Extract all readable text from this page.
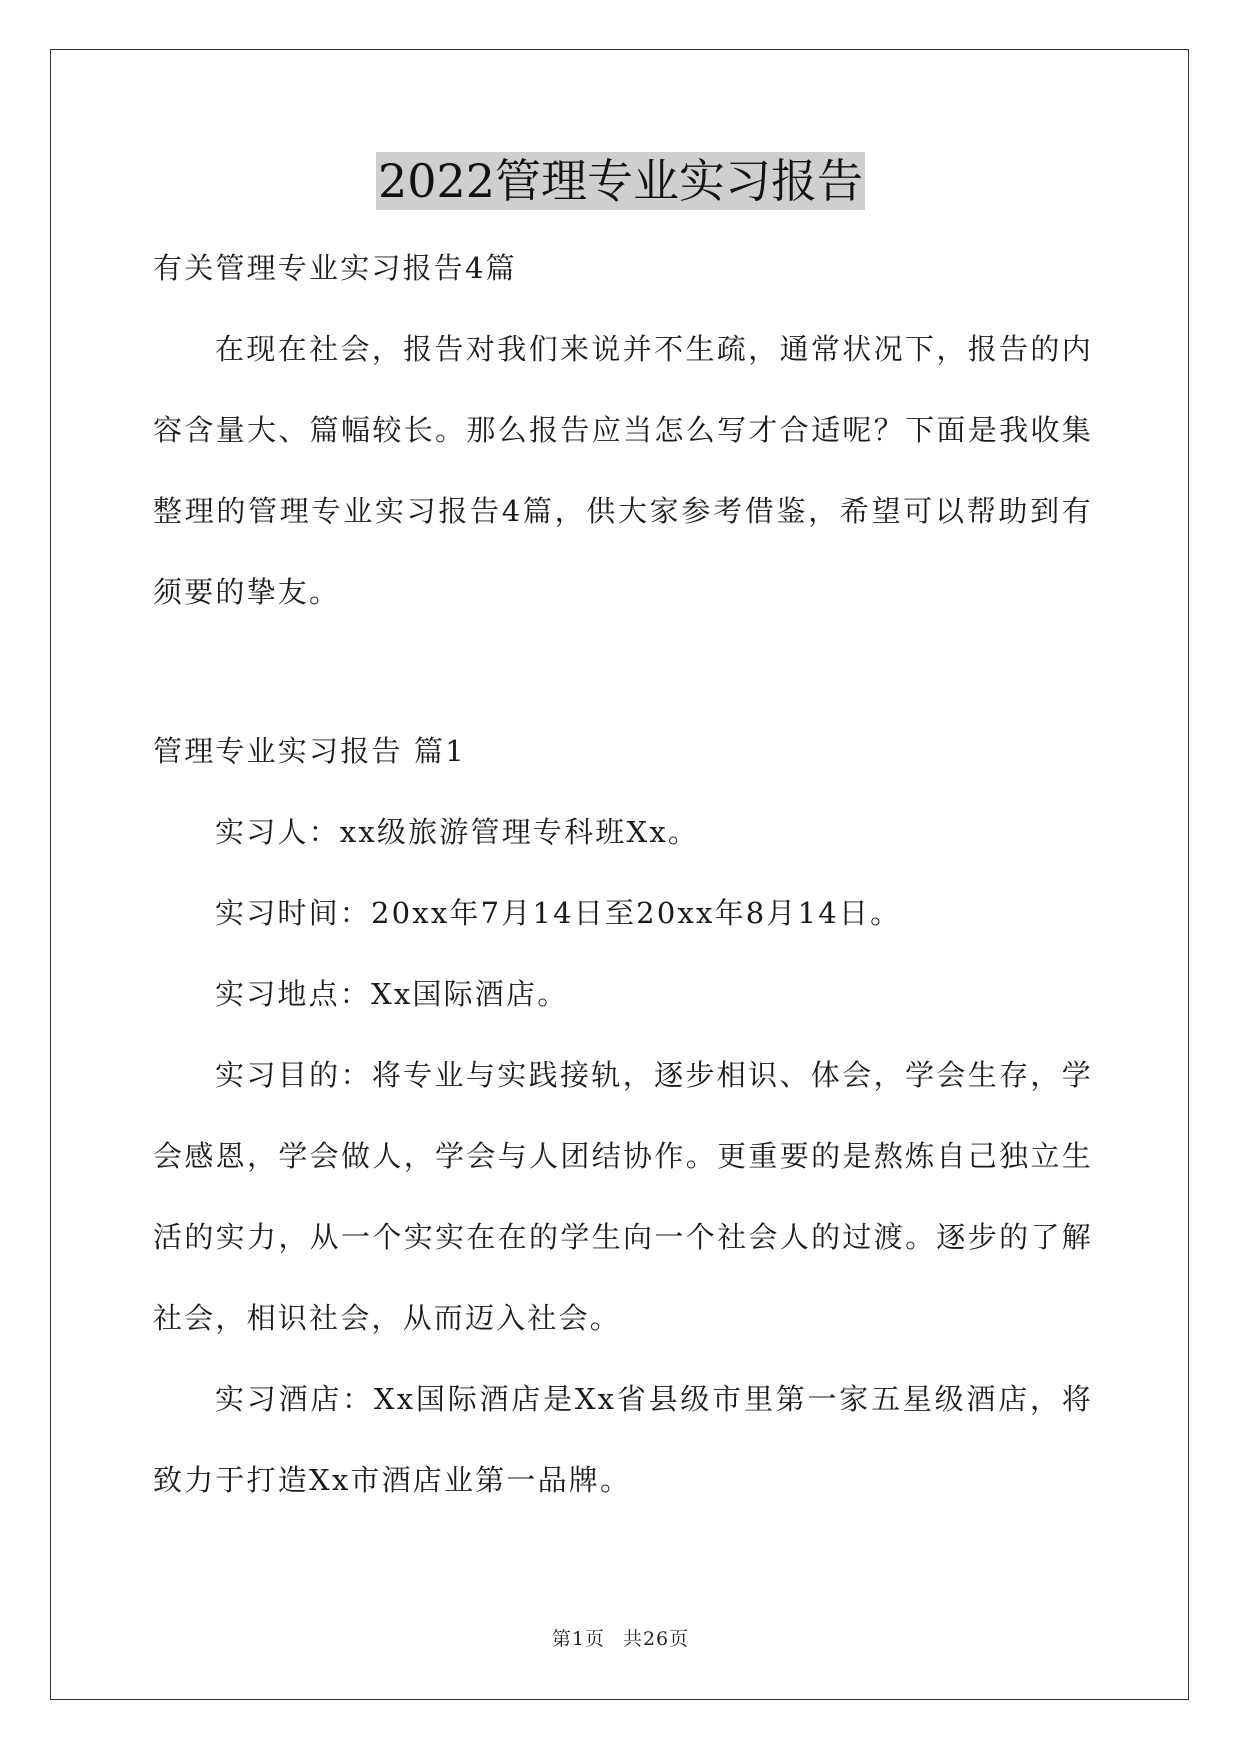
2022管理专业实习报告

有关管理专业实习报告4篇

在现在社会，报告对我们来说并不生疏，通常状况下，报告的内容含量大、篇幅较长。那么报告应当怎么写才合适呢？下面是我收集整理的管理专业实习报告4篇，供大家参考借鉴，希望可以帮助到有须要的挚友。

管理专业实习报告 篇1

实习人：xx级旅游管理专科班Xx。

实习时间：20xx年7月14日至20xx年8月14日。

实习地点：Xx国际酒店。

实习目的：将专业与实践接轨，逐步相识、体会，学会生存，学会感恩，学会做人，学会与人团结协作。更重要的是熬炼自己独立生活的实力，从一个实实在在的学生向一个社会人的过渡。逐步的了解社会，相识社会，从而迈入社会。

实习酒店：Xx国际酒店是Xx省县级市里第一家五星级酒店，将致力于打造Xx市酒店业第一品牌。

第1页 共26页
